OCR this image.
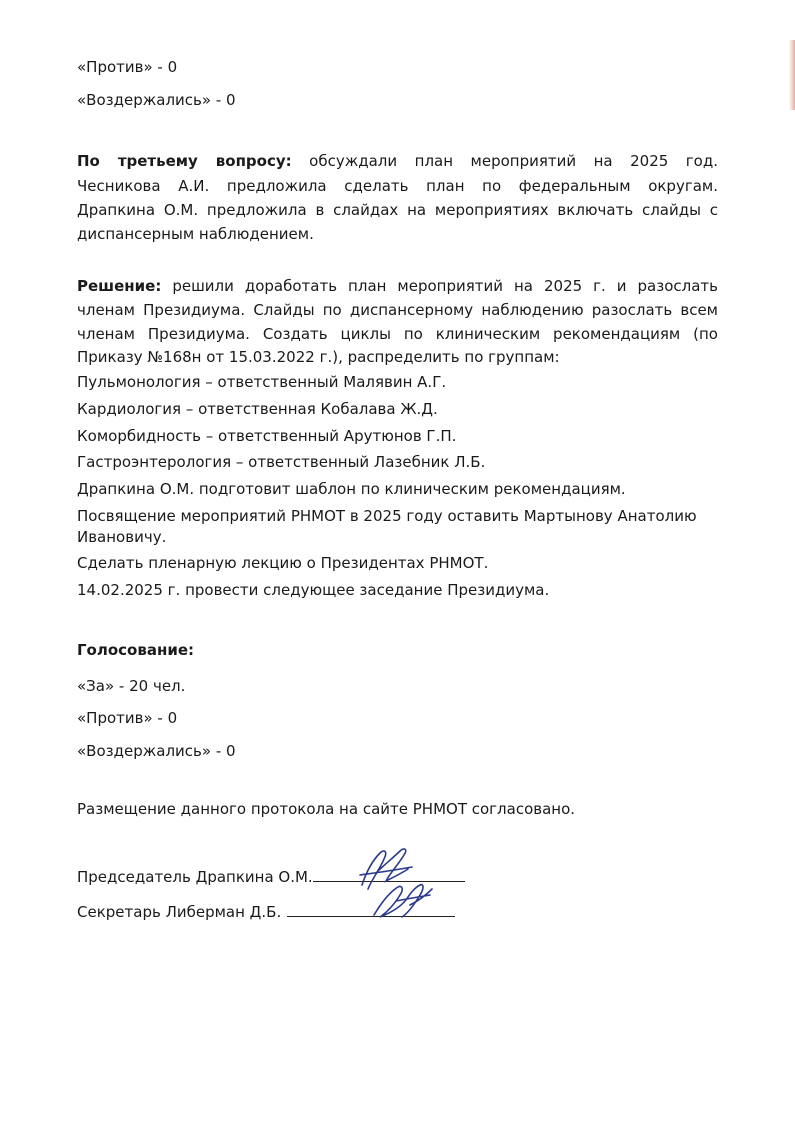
«Против» - 0
«Воздержались» - 0
По третьему вопросу: обсуждали план мероприятий на 2025 год.
Чесникова А.И. предложила сделать план по федеральным округам.
Драпкина О.М. предложила в слайдах на мероприятиях включать слайды с
диспансерным наблюдением.
Решение: решили доработать план мероприятий на 2025 г. и разослать
членам Президиума. Слайды по диспансерному наблюдению разослать всем
членам Президиума. Создать циклы по клиническим рекомендациям (по
Приказу №168н от 15.03.2022 г.), распределить по группам:
Пульмонология – ответственный Малявин А.Г.
Кардиология – ответственная Кобалава Ж.Д.
Коморбидность – ответственный Арутюнов Г.П.
Гастроэнтерология – ответственный Лазебник Л.Б.
Драпкина О.М. подготовит шаблон по клиническим рекомендациям.
Посвящение мероприятий РНМОТ в 2025 году оставить Мартынову Анатолию
Ивановичу.
Сделать пленарную лекцию о Президентах РНМОТ.
14.02.2025 г. провести следующее заседание Президиума.
Голосование:
«За» - 20 чел.
«Против» - 0
«Воздержались» - 0
Размещение данного протокола на сайте РНМОТ согласовано.
Председатель Драпкина О.М.
Секретарь Либерман Д.Б.
